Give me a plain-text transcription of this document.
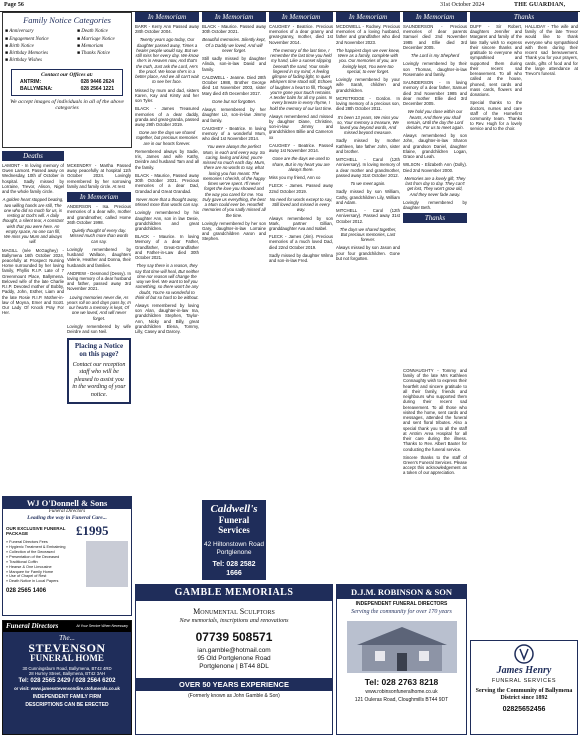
Page 56	31st October 2024	THE GUARDIAN,
Family Notice Categories
■ Anniversary
■ Engagement Notice
■ Birth Notice
■ Birthday Memories
■ Birthday Wishes
■ Death Notice
■ Marriage Notice
■ Memoriam
■ Thanks Notice
Contact our Offices at:
ANTRIM:	028 9446 2624
BALLYMENA:	028 2564 1221
We accept images of individuals in all of the above categories
Deaths

LAMONT - In loving memory of Gwen Lamont. Passed away on Wednesday, 10th of October in hospital. Sadly missed by Lorraine, Trevor, Alison, Nigel and the whole family circle.

A golden heart stopped beating, two willing hands are still, The one who did so much for us, is resting at God's will. A daily thought, a silent tear, A constant wish that you were here. An empty space, no one can fill, We miss you Mum and always will.

MAGILL (née McGaghey) - Ballymena 16th October 2024, peacefully at Prospect Nursing Home surrounded by her loving family, Phyllis R.I.P. Late of 7 Greenmount Place, Ballymena. Beloved wife of the late Charlie R.I.P. Devoted mother of Bobby, Paddy, John, Esther, Liam and the late Rosie R.I.P. Mother-in-law of Moyna, Emer and Scott. Our Lady Of Knock Pray For Her.

MCKENDRY - Martha Passed away peacefully at hospital 11th October 2024. Lovingly remembered by her sorrowing family and family circle. At rest

In Memoriam

ANDERSON - Isa. Precious memories of a dear wife, mother and grandmother, called Home 26th October 1998.

Quietly thought of every day. Missed much more than words can say.

Lovingly remembered by husband Wallace, daughters Valerie, Heather and Donna, their husbands and families.

ANDREW - Desmond (Dessy). In loving memory of a dear husband and father, passed away 3rd November 2021.

Loving memories never die, As years roll on and days pass by, In our hearts a memory is kept, Of one we loved, And will never forget.

Lovingly remembered by wife Deirdre and son Neil.

Placing a Notice on this page?
Contact our reception staff who will be pleased to assist you in the wording of your notice.
WJ O'Donnell & Sons
Funeral Directors
Leading the way in Funeral Care...
OUR EXCLUSIVE FUNERAL PACKAGE	£1995
» Funeral Directors Fees
» Hygienic Treatment & Embalming
» Collection of the Deceased
» Presentation of the Deceased
» Traditional Coffin
» Hearse & One Limousine
» Marquee for Family Home
» Use of Chapel of Rest
» Death Notice in Local Papers
028 2565 1406
Funeral Directors	At Your Service When Necessary
The...
STEVENSON
FUNERAL HOME
30 Cunningsburn Road, Ballymena, BT42 4RD
28 Hurrey Street, Ballymena, BT42 3AH
Tel: 028 2565 2429 / 028 2564 6202
or visit: www.jamesstevensondire.ctofunerals.co.uk
INDEPENDENT FAMILY FIRM
DESCRIPTIONS CAN BE ERECTED
In Memoriam

BARR - Kerry Ann Passed away 28th October 2004.

Twenty years ago today, Our daughter passed away, Times a healer people would say, But we still miss her every day. We know she's in Heaven now, And that's the truth, Just ask the Lord, He's the proof. We know she's in a better place, And we all can't wait to see her face.

Missed by mum and dad, sisters Karen, Kay and Kirsty and her son Tyler.

BLACK - James Treasured memories of a dear daddy, granda and great-granda, passed away 29th October 2019.

Gone are the days we shared together, but precious memories are in our hearts forever.

Remembered always by Sadie, Iris, James and wife Kathy, Deirdre and husband Tam and all the family.

BLACK - Maurice, Passed away 30th October 2021. Precious memories of a dear Dad, Grandad and Great Grandad.

Never more that a thought away, Missed more than words can say.

Lovingly remembered by his daughter Ann, son in law Desie, grandchildren and great grandchildren.

BLACK - Maurice. In loving Memory of a dear Father, Grandfather, Great-Grandfather and Father-in-Law died 30th October 2021.

They say there is a reason, they say that time will heal, But neither time nor reason will change the way we feel. We want to tell you something, so there won't be any doubt, You're so wonderful to think of but so hard to be without.

Always remembered by loving son Alan, daughter-in-law Ina, grandchildren Stephen, Taylor-Ann, Nicky and Billy, great grandchildren Elena, Tommy, Lilly, Casey and Darcey.

In Memoriam

BLACK - Maurice. Passed away 30th October 2021.

Beautiful memories. Silently kept, Of a Daddy we loved, And will never forget.

Still sadly missed by daughter Alinda, son-in-law David and family.

CALDWELL - Jeanne. Died 28th October 1988, Brother George died 1st November 2003, sister Mary died 4th December 2017.

Gone but not forgotten.

Always remembered by her daughter Liz, son-in-law Jimmy and family.

CAUGHEY - Beatrice. In loving memory of a wonderful Mum, who died 1st November 2014.

You were always the perfect Mum, in each and every way. So caring, loving and kind, you're missed so much each day. Mum, there are no words to say, what losing you has meant. The memories I cherish, of the happy times we've spent. I'll never forget the love you showed and the way you cared for me. You truly gave us everything, the best a Mum could ever be. Heartfelt memories of you sadly missed all the time.

Lovingly remembered by her son Gary, daughter-in-law Lorraine and grandchildren Aaron and Stephen.

Caldwell's
Funeral Services
42 Hiltonstown Road
Portglenone
Tel: 028 2582 1666
In Memoriam

CAUGHEY - Beatrice. Precious memories of a dear granny and great-granny, mother, died 1st November 2014.

The memory of the last time, I remember the last time you held my hand, Like a sunset slipping beneath the sand, Your smile lingered in my mind, A feeling glimpse of fading light, In quiet whispers time stood still, Echoes of laughter a heart to fill, Though you're gone your touch remains. A tender balm for all my pains. In every breeze in every rhyme, I hold the memory of our last time.

Always remembered and missed by daughter Diane, Christine, son-in-law Jimmy and grandchildren Billie and Cameron xx

CAUGHEY - Beatrice. Passed away 1st November 2014.

Gone are the days we used to share, But in my heart you are always there.

Miss you my friend, Ann xo

FLECK - James. Passed away 22nd October 2019.

No need for words except to say, Still loved and missed in every way.

Always remembered by son Mark, partner Gillian, granddaughter Ava and Isabel.

FLECK - James (Jim). Precious memories of a much loved Dad, died 22nd October 2019.

Sadly missed by daughter Wilma and son-in-law Fred.

In Memoriam

MCDOWELL - Rodney. Precious memories of a loving husband, father and grandfather who died 2nd November 2023.

The happiest days we ever knew, Were as a family, complete with you. Our memories of you, are lovingly kept, You were too special, to ever forget.

Lovingly remembered by your wife Sarah, children and grandchildren.

MCFETRIDGE - Gordon. In loving memory of a precious son, died 28th October 2011.

It's been 13 years, We miss you so, Your memory a treasure, We loved you beyond words, And missed beyond measure.

Sadly missed by mother Kathleen, late father John, sister and brother.

MITCHELL - Carol (12th Anniversary). In loving memory of a dear mother and grandmother, passed away 31st October 2012.

To we meet again.

Sadly missed by son William, Cathy, grandchildren Lily, William and Adam.

MITCHELL - Carol (12th Anniversary). Passed away 31st October 2012.

The days we shared together, But precious memories, Last forever.

Always missed by son Jason and your four grandchildren. Gone but not forgotten.

In Memoriam

SAUNDERSON - Precious memories of dear parents Samuel died 2nd November 1985 and Ellie died 3rd December 2005.

The Lord is my Shepherd

Lovingly remembered by their son Thomas, daughter-in-law Rosemarie and family.

SAUNDERSON - In loving memory of a dear father, Samuel died 2nd November 1985 and dear mother Ellie died 3rd December 2005.

We hold you close within our hearts, And there you shall remain, Until the day the Lord decides, For us to meet again.

Always remembered by son John, daughter-in-law Sharon and grandson Daniel, daughter Elaine, grandchildren Logan, Grace and Leah.

WILSON - Elizabeth Ann (Dolly). Died 2nd November 2000.

Memories are a lovely gift, They last from day to day. They can't get lost, They won't grow old, And they never fade away.

Lovingly remembered by daughter Beth.

Thanks

CONNAUGHTY - Tommy and family of the late Mrs Kathleen Connaughty wish to express their heartfelt and sincere gratitude to all their family, friends and neighbours who supported them during their recent sad bereavement. To all those who visited the home, sent cards and messages, attended the funeral and sent floral tributes. Also a special thank you to all the staff at Antrim Area Hospital for all their care during the illness. Thanks to Rev. Albert Baxter for conducting the funeral service.

Sincere thanks to the staff of Green's Funeral Services. Please accept this acknowledgement as a token of our appreciation.

Thanks

DUFF - Sir Robert, daughters Jennifer and Margaret and family of the late Sally wish to express their sincere thanks and gratitude to everyone who sympathised and supported them during their recent sad bereavement. To all who called at the house, phoned, sent cards and mass cards, flowers and donations.

Special thanks to the doctors, nurses and care staff of the Homefirst community team. Thanks to Rev. Hugh for a lovely service and to the choir.

HALLIDAY - The wife and family of the late Trevor would like to thank everyone who sympathised with them during their recent sad bereavement. Thank you for your prayers, cards, gifts of food and for the large attendance at Trevor's funeral.

GAMBLE MEMORIALS
Monumental Sculptors
New memorials, inscriptions and renovations
07739 508571
ian.gamble@hotmail.com
95 Old Portglenone Road
Portglenone | BT44 8DL
OVER 50 YEARS EXPERIENCE
(Formerly known as John Gamble & Son)
D.J.M. ROBINSON & SON
INDEPENDENT FUNERAL DIRECTORS
Serving the community for over 170 years
Tel: 028 2763 8218
www.robinsonfuneralhome.co.uk
121 Ouleras Road, Cloughmills BT44 9DT
James Henry
FUNERAL SERVICES
Serving the Community of Ballymena District since 1892
02825652456
